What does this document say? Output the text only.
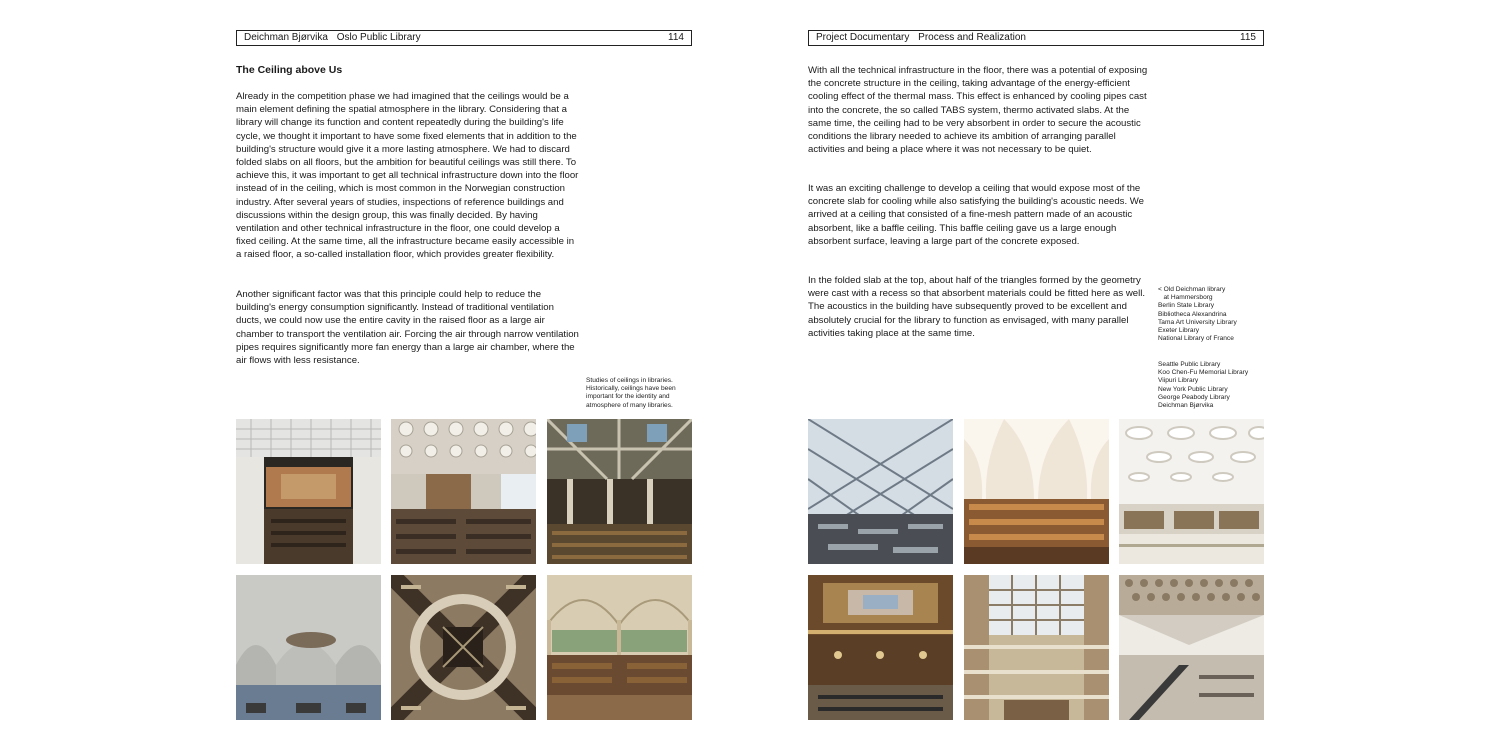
Deichman Bjørvika Oslo Public Library	114
The Ceiling above Us

Already in the competition phase we had imagined that the ceilings would be a main element defining the spatial atmosphere in the library. Considering that a library will change its function and content repeatedly during the building's life cycle, we thought it important to have some fixed elements that in addition to the building's structure would give it a more lasting atmosphere. We had to discard folded slabs on all floors, but the ambition for beautiful ceilings was still there. To achieve this, it was important to get all technical infrastructure down into the floor instead of in the ceiling, which is most common in the Norwegian construction industry. After several years of studies, inspections of reference buildings and discussions within the design group, this was finally decided. By having ventilation and other technical infrastructure in the floor, one could develop a fixed ceiling. At the same time, all the infrastructure became easily accessible in a raised floor, a so-called installation floor, which provides greater flexibility.

Another significant factor was that this principle could help to reduce the building's energy consumption significantly. Instead of traditional ventilation ducts, we could now use the entire cavity in the raised floor as a large air chamber to transport the ventilation air. Forcing the air through narrow ventilation pipes requires significantly more fan energy than a large air chamber, where the air flows with less resistance.

Studies of ceilings in libraries.
Historically, ceilings have been
important for the identity and
atmosphere of many libraries.
Project Documentary Process and Realization	115

With all the technical infrastructure in the floor, there was a potential of exposing the concrete structure in the ceiling, taking advantage of the energy-efficient cooling effect of the thermal mass. This effect is enhanced by cooling pipes cast into the concrete, the so called TABS system, thermo activated slabs. At the same time, the ceiling had to be very absorbent in order to secure the acoustic conditions the library needed to achieve its ambition of arranging parallel activities and being a place where it was not necessary to be quiet.

It was an exciting challenge to develop a ceiling that would expose most of the concrete slab for cooling while also satisfying the building's acoustic needs. We arrived at a ceiling that consisted of a fine-mesh pattern made of an acoustic absorbent, like a baffle ceiling. This baffle ceiling gave us a large enough absorbent surface, leaving a large part of the concrete exposed.

In the folded slab at the top, about half of the triangles formed by the geometry were cast with a recess so that absorbent materials could be fitted here as well. The acoustics in the building have subsequently proved to be excellent and absolutely crucial for the library to function as envisaged, with many parallel activities taking place at the same time.

< Old Deichman library
at Hammersborg
Berlin State Library
Bibliotheca Alexandrina
Tama Art University Library
Exeter Library
National Library of France
Seattle Public Library
Koo Chen-Fu Memorial Library
Viipuri Library
New York Public Library
George Peabody Library
Deichman Bjørvika
